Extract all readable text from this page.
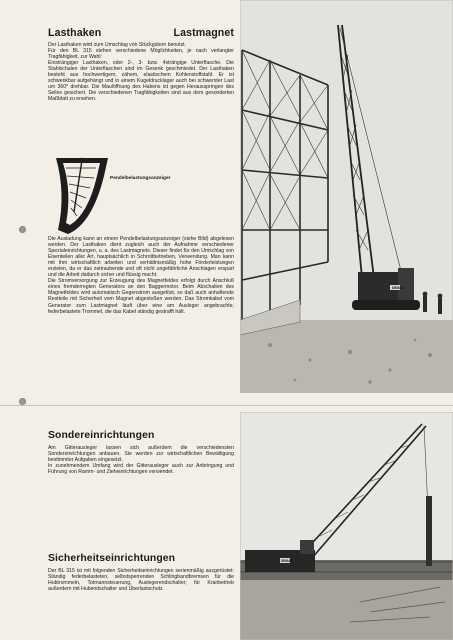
Lasthaken	Lastmagnet

Der Lasthaken wird zum Umschlag von Stückgütern benutzt.

Für den BL 315 stehen verschiedene Möglichkeiten, je nach verlangter Tragfähigkeit, zur Wahl:

Einsträngiger Lasthaken, oder 2-, 3- bzw. 4strängige Unterflasche. Die Stahlschalen der Unterflaschen sind im Gesenk geschmiedet. Der Lasthaken besteht aus hochwertigem, zähem, elastischem Kohlenstoffstahl. Er ist schwenkbar aufgehängt und in einem Kugeldrucklager auch bei schwerster Last um 360° drehbar. Die Maulöffnung des Hakens ist gegen Herausspringen des Seiles gesichert. Die verschiedenen Tragfähigkeiten sind aus dem gesonderten Maßblatt zu ersehen.

Pendelbelastungsanzeiger

Die Ausladung kann an einem Pendelbelastungsanzeiger (siehe Bild) abgelesen werden. Der Lasthaken dient zugleich auch der Aufnahme verschiedener Spezialeinrichtungen, u. a. des Lastmagnets. Dieser findet für den Umschlag von Eisenteilen aller Art, hauptsächlich in Schrottbetrieben, Verwendung. Man kann mit ihm wirtschaftlich arbeiten und verhältnismäßig hohe Förderleistungen erzielen, da er das zeitraubende und oft nicht ungefährliche Anschlagen erspart und die Arbeit dadurch sicher und flüssig macht.

Die Stromversorgung zur Erzeugung des Magnetfeldes erfolgt durch Anschluß eines fremderregten Generators an den Baggermotor. Beim Abschalten des Magnetfeldes wird automatisch Gegenstrom ausgelöst, so daß auch anhaftende Restteile mit Sicherheit vom Magnet abgestoßen werden. Das Stromkabel vom Generator zum Lastmagnet läuft über eine am Ausleger angebrachte, federbelastete Trommel, die das Kabel ständig gestrafft hält.

Sondereinrichtungen

Am Gitterausleger lassen sich außerdem die verschiedensten Sondereinrichtungen anbauen. Sie werden zur wirtschaftlichen Bewältigung bestimmter Aufgaben eingesetzt.

In zunehmendem Umfang wird der Gitterausleger auch zur Anbringung und Führung von Ramm- und Zieheinrichtungen verwendet.

Sicherheitseinrichtungen

Der BL 315 ist mit folgenden Sicherheitseinrichtungen serienmäßig ausgerüstet: Ständig federbelasteten, selbstsperrenden Schlingbandbremsen für die Hubtrommeln, Totmannsteuerung, Auslegerendschalter; für Kranbetrieb außerdem mit Hubendschalter und Überlastschutz.

DEMAG
DEMAG
